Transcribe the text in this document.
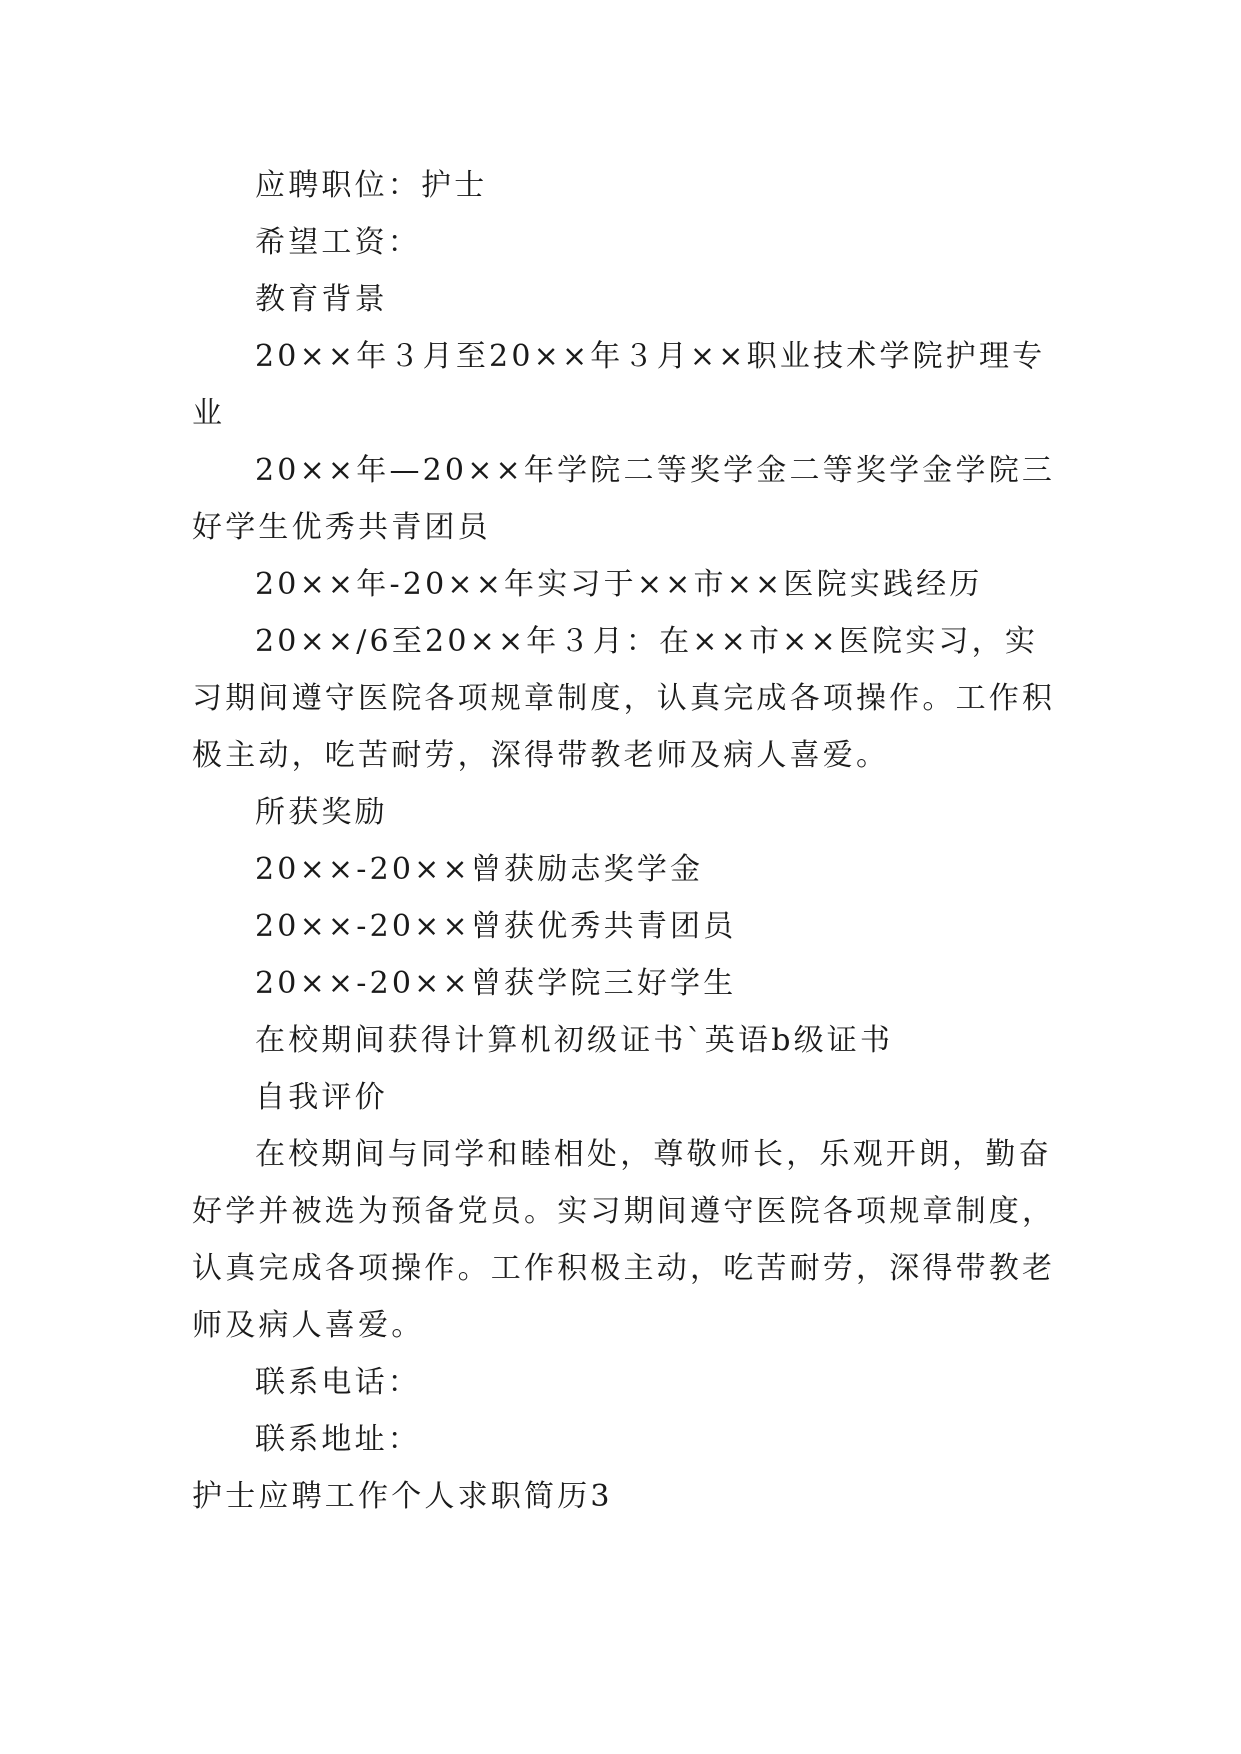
应聘职位：护士

希望工资：

教育背景

20××年３月至20××年３月××职业技术学院护理专业

20××年—20××年学院二等奖学金二等奖学金学院三好学生优秀共青团员

20××年-20××年实习于××市××医院实践经历

20××/6至20××年３月：在××市××医院实习，实习期间遵守医院各项规章制度，认真完成各项操作。工作积极主动，吃苦耐劳，深得带教老师及病人喜爱。

所获奖励

20××-20××曾获励志奖学金

20××-20××曾获优秀共青团员

20××-20××曾获学院三好学生

在校期间获得计算机初级证书`英语b级证书

自我评价

在校期间与同学和睦相处，尊敬师长，乐观开朗，勤奋好学并被选为预备党员。实习期间遵守医院各项规章制度，认真完成各项操作。工作积极主动，吃苦耐劳，深得带教老师及病人喜爱。

联系电话：

联系地址：

护士应聘工作个人求职简历3
